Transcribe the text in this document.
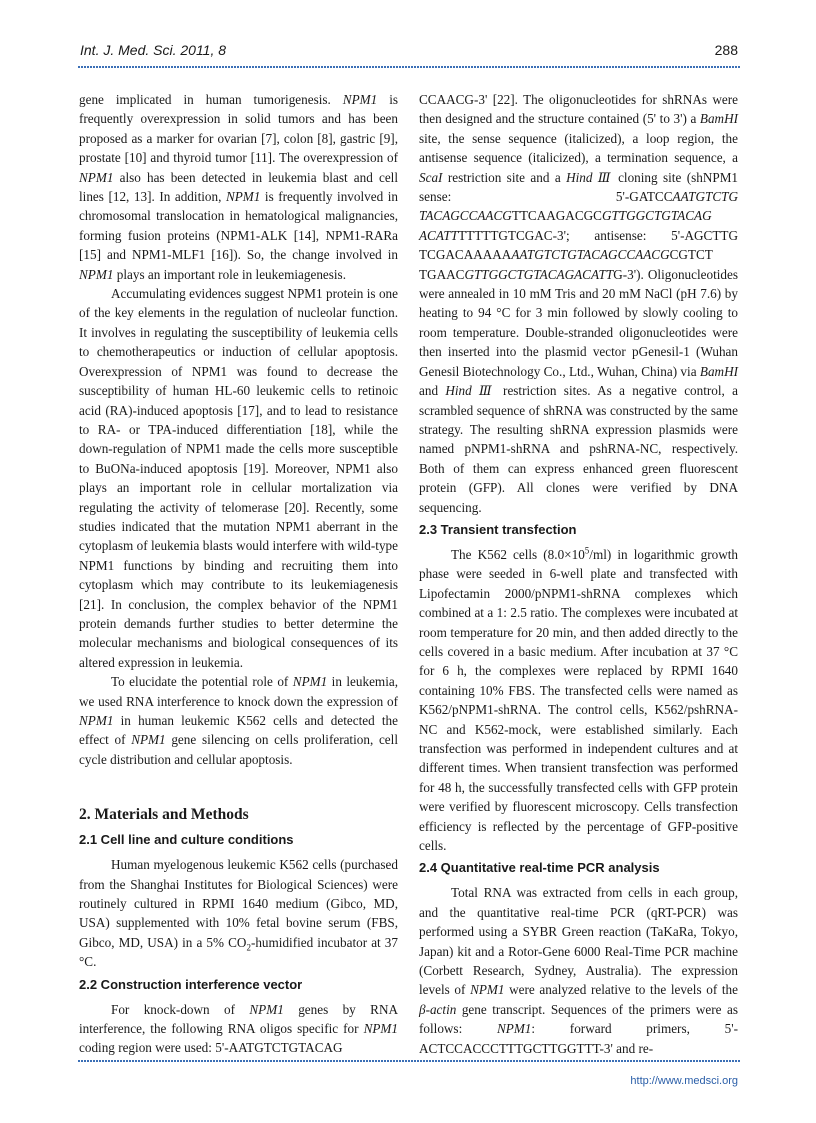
Int. J. Med. Sci. 2011, 8	288

gene implicated in human tumorigenesis. NPM1 is frequently overexpression in solid tumors and has been proposed as a marker for ovarian [7], colon [8], gastric [9], prostate [10] and thyroid tumor [11]. The overexpression of NPM1 also has been detected in leukemia blast and cell lines [12, 13]. In addition, NPM1 is frequently involved in chromosomal translocation in hematological malignancies, forming fusion proteins (NPM1-ALK [14], NPM1-RARa [15] and NPM1-MLF1 [16]). So, the change involved in NPM1 plays an important role in leukemiagenesis.

Accumulating evidences suggest NPM1 protein is one of the key elements in the regulation of nucleolar function. It involves in regulating the susceptibility of leukemia cells to chemotherapeutics or induction of cellular apoptosis. Overexpression of NPM1 was found to decrease the susceptibility of human HL-60 leukemic cells to retinoic acid (RA)-induced apoptosis [17], and to lead to resistance to RA- or TPA-induced differentiation [18], while the down-regulation of NPM1 made the cells more susceptible to BuONa-induced apoptosis [19]. Moreover, NPM1 also plays an important role in cellular mortalization via regulating the activity of telomerase [20]. Recently, some studies indicated that the mutation NPM1 aberrant in the cytoplasm of leukemia blasts would interfere with wild-type NPM1 functions by binding and recruiting them into cytoplasm which may contribute to its leukemiagenesis [21]. In conclusion, the complex behavior of the NPM1 protein demands further studies to better determine the molecular mechanisms and biological consequences of its altered expression in leukemia.

To elucidate the potential role of NPM1 in leukemia, we used RNA interference to knock down the expression of NPM1 in human leukemic K562 cells and detected the effect of NPM1 gene silencing on cells proliferation, cell cycle distribution and cellular apoptosis.

2. Materials and Methods
2.1 Cell line and culture conditions

Human myelogenous leukemic K562 cells (purchased from the Shanghai Institutes for Biological Sciences) were routinely cultured in RPMI 1640 medium (Gibco, MD, USA) supplemented with 10% fetal bovine serum (FBS, Gibco, MD, USA) in a 5% $CO_2$-humidified incubator at 37 °C.

2.2 Construction interference vector

For knock-down of NPM1 genes by RNA interference, the following RNA oligos specific for NPM1 coding region were used: 5'-AATGTCTGTACAG

CCAACG-3' [22]. The oligonucleotides for shRNAs were then designed and the structure contained (5' to 3') a BamHI site, the sense sequence (italicized), a loop region, the antisense sequence (italicized), a termination sequence, a ScaI restriction site and a Hind Ⅲ cloning site (shNPM1 sense: 5'-GATCCAATGTCTG TACAGCCAACGTTCAAGACGCGTTGGCTGTACAG ACATTTTTTTGTCGAC-3'; antisense: 5'-AGCTTG TCGACAAAAAAATGTCTGTACAGCCAACGCGTCT TGAACGTTGGCTGTACAGACATTG-3'). Oligonucleotides were annealed in 10 mM Tris and 20 mM NaCl (pH 7.6) by heating to 94 °C for 3 min followed by slowly cooling to room temperature. Double-stranded oligonucleotides were then inserted into the plasmid vector pGenesil-1 (Wuhan Genesil Biotechnology Co., Ltd., Wuhan, China) via BamHI and Hind Ⅲ restriction sites. As a negative control, a scrambled sequence of shRNA was constructed by the same strategy. The resulting shRNA expression plasmids were named pNPM1-shRNA and pshRNA-NC, respectively. Both of them can express enhanced green fluorescent protein (GFP). All clones were verified by DNA sequencing.

2.3 Transient transfection

The K562 cells $(8.0\times 10^5/ml)$ in logarithmic growth phase were seeded in 6-well plate and transfected with Lipofectamin 2000/pNPM1-shRNA complexes which combined at a 1: 2.5 ratio. The complexes were incubated at room temperature for 20 min, and then added directly to the cells covered in a basic medium. After incubation at 37 °C for 6 h, the complexes were replaced by RPMI 1640 containing 10% FBS. The transfected cells were named as K562/pNPM1-shRNA. The control cells, K562/pshRNA-NC and K562-mock, were established similarly. Each transfection was performed in independent cultures and at different times. When transient transfection was performed for 48 h, the successfully transfected cells with GFP protein were verified by fluorescent microscopy. Cells transfection efficiency is reflected by the percentage of GFP-positive cells.

2.4 Quantitative real-time PCR analysis

Total RNA was extracted from cells in each group, and the quantitative real-time PCR (qRT-PCR) was performed using a SYBR Green reaction (TaKaRa, Tokyo, Japan) kit and a Rotor-Gene 6000 Real-Time PCR machine (Corbett Research, Sydney, Australia). The expression levels of NPM1 were analyzed relative to the levels of the β-actin gene transcript. Sequences of the primers were as follows: NPM1: forward primers, 5'-ACTCCACCCTTTGCTTGGTTT-3' and re-

http://www.medsci.org
